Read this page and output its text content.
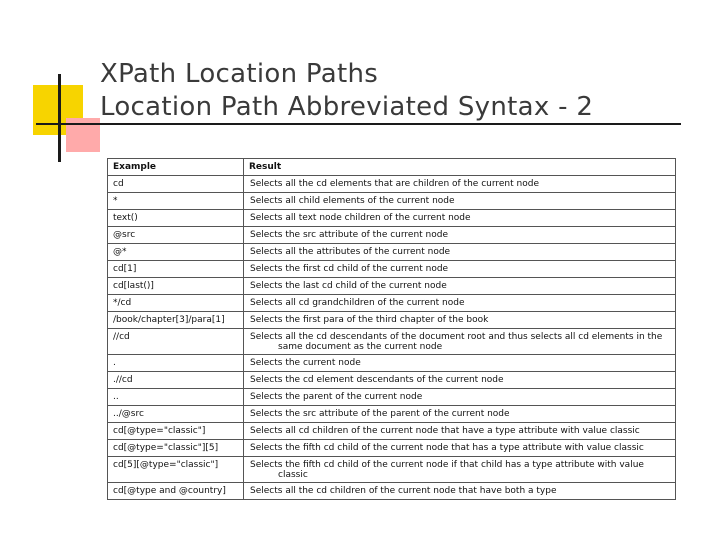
XPath Location Paths
Location Path Abbreviated Syntax - 2
Example	Result
cd	Selects all the cd elements that are children of the current node
*	Selects all child elements of the current node
text()	Selects all text node children of the current node
@src	Selects the src attribute of the current node
@*	Selects all the attributes of the current node
cd[1]	Selects the first cd child of the current node
cd[last()]	Selects the last cd child of the current node
*/cd	Selects all cd grandchildren of the current node
/book/chapter[3]/para[1]	Selects the first para of the third chapter of the book
//cd	Selects all the cd descendants of the document root and thus selects all cd elements in the
same document as the current node

.	Selects the current node
.//cd	Selects the cd element descendants of the current node
..	Selects the parent of the current node
../@src	Selects the src attribute of the parent of the current node
cd[@type="classic"]	Selects all cd children of the current node that have a type attribute with value classic
cd[@type="classic"][5]	Selects the fifth cd child of the current node that has a type attribute with value classic
cd[5][@type="classic"]	Selects the fifth cd child of the current node if that child has a type attribute with value
classic

cd[@type and @country]	Selects all the cd children of the current node that have both a type
